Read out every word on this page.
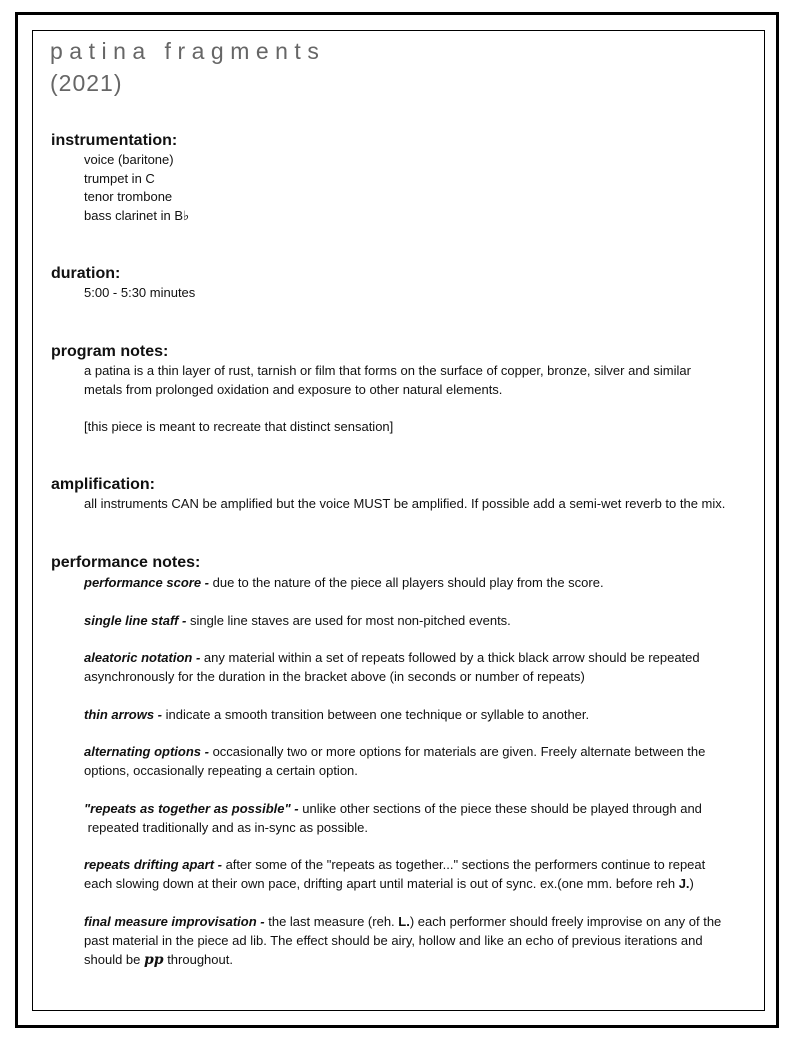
patina fragments
(2021)

instrumentation:

voice (baritone)

trumpet in C

tenor trombone

bass clarinet in B♭

duration:

5:00 - 5:30 minutes

program notes:

a patina is a thin layer of rust, tarnish or film that forms on the surface of copper, bronze, silver and similar

metals from prolonged oxidation and exposure to other natural elements.

[this piece is meant to recreate that distinct sensation]

amplification:

all instruments CAN be amplified but the voice MUST be amplified. If possible add a semi-wet reverb to the mix.

performance notes:

performance score - due to the nature of the piece all players should play from the score.

single line staff - single line staves are used for most non-pitched events.

aleatoric notation - any material within a set of repeats followed by a thick black arrow should be repeated

asynchronously for the duration in the bracket above (in seconds or number of repeats)

thin arrows - indicate a smooth transition between one technique or syllable to another.

alternating options - occasionally two or more options for materials are given. Freely alternate between the

options, occasionally repeating a certain option.

"repeats as together as possible" - unlike other sections of the piece these should be played through and

repeated traditionally and as in-sync as possible.

repeats drifting apart - after some of the "repeats as together..." sections the performers continue to repeat

each slowing down at their own pace, drifting apart until material is out of sync. ex.(one mm. before reh J.)

final measure improvisation - the last measure (reh. L.) each performer should freely improvise on any of the

past material in the piece ad lib. The effect should be airy, hollow and like an echo of previous iterations and

should be pp throughout.
